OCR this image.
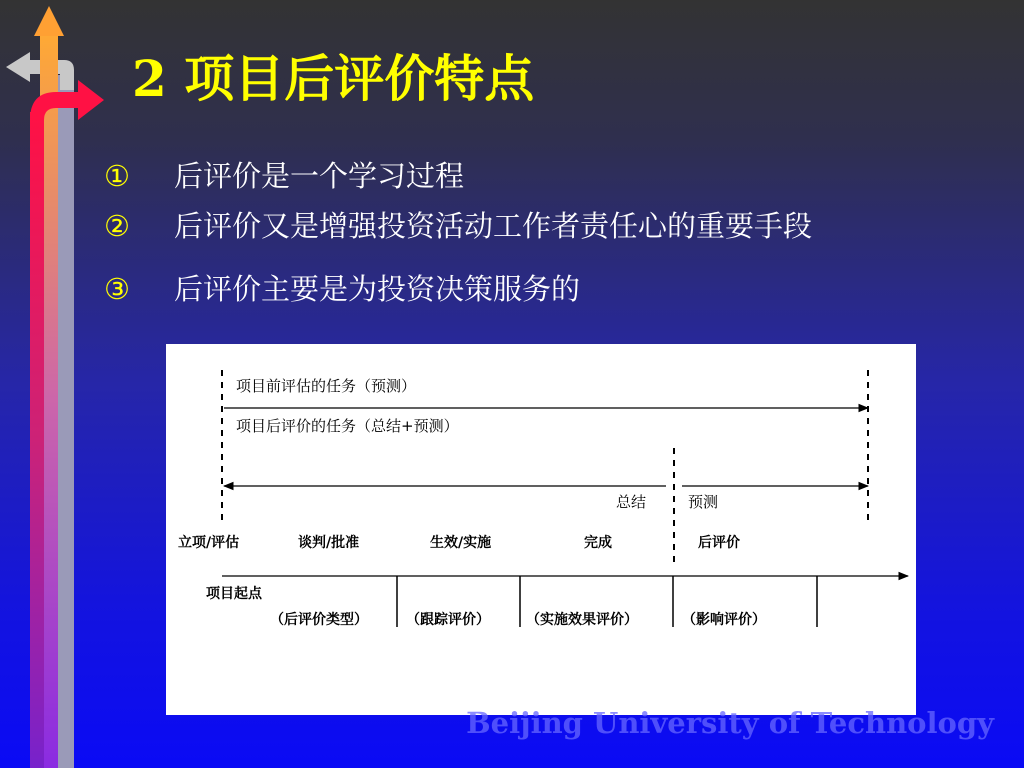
2 项目后评价特点
① 后评价是一个学习过程
② 后评价又是增强投资活动工作者责任心的重要手段
③ 后评价主要是为投资决策服务的
项目前评估的任务（预测）
项目后评价的任务（总结+预测）
总结	预测
立项/评估	谈判/批准	生效/实施	完成	后评价
项目起点
（后评价类型）	（跟踪评价）	（实施效果评价）	（影响评价）
Beijing University of Technology
